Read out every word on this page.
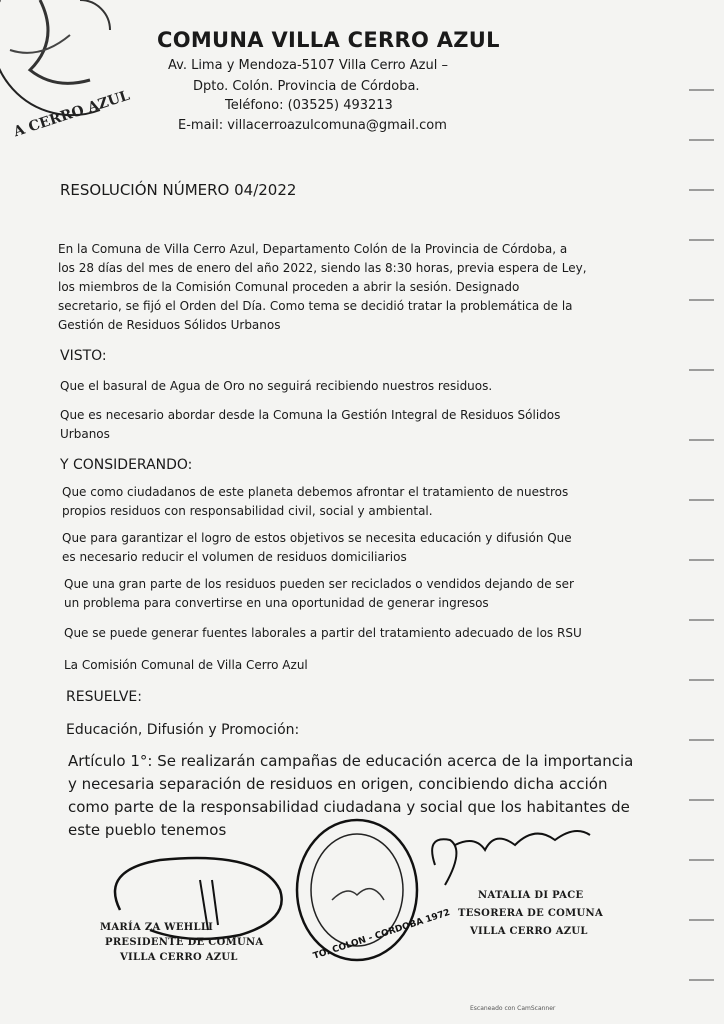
A CERRO AZUL
COMUNA VILLA CERRO AZUL
Av. Lima y Mendoza-5107 Villa Cerro Azul –
Dpto. Colón. Provincia de Córdoba.
Teléfono: (03525) 493213
E-mail: villacerroazulcomuna@gmail.com
RESOLUCIÓN NÚMERO 04/2022
En la Comuna de Villa Cerro Azul, Departamento Colón de la Provincia de Córdoba, a
los 28 días del mes de enero del año 2022, siendo las 8:30 horas, previa espera de Ley,
los miembros de la Comisión Comunal proceden a abrir la sesión. Designado
secretario, se fijó el Orden del Día. Como tema se decidió tratar la problemática de la
Gestión de Residuos Sólidos Urbanos
VISTO:
Que el basural de Agua de Oro no seguirá recibiendo nuestros residuos.
Que es necesario abordar desde la Comuna la Gestión Integral de Residuos Sólidos
Urbanos
Y CONSIDERANDO:
Que como ciudadanos de este planeta debemos afrontar el tratamiento de nuestros
propios residuos con responsabilidad civil, social y ambiental.
Que para garantizar el logro de estos objetivos se necesita educación y difusión Que
es necesario reducir el volumen de residuos domiciliarios
Que una gran parte de los residuos pueden ser reciclados o vendidos dejando de ser
un problema para convertirse en una oportunidad de generar ingresos
Que se puede generar fuentes laborales a partir del tratamiento adecuado de los RSU
La Comisión Comunal de Villa Cerro Azul
RESUELVE:
Educación, Difusión y Promoción:
Artículo 1°: Se realizarán campañas de educación acerca de la importancia
y necesaria separación de residuos en origen, concibiendo dicha acción
como parte de la responsabilidad ciudadana y social que los habitantes de
este pueblo tenemos
MARÍA ZA WEHLLI
PRESIDENTE DE COMUNA
VILLA CERRO AZUL	TO. COLON - CORDOBA 1972
NATALIA DI PACE
TESORERA DE COMUNA
VILLA CERRO AZUL
Escaneado con CamScanner
